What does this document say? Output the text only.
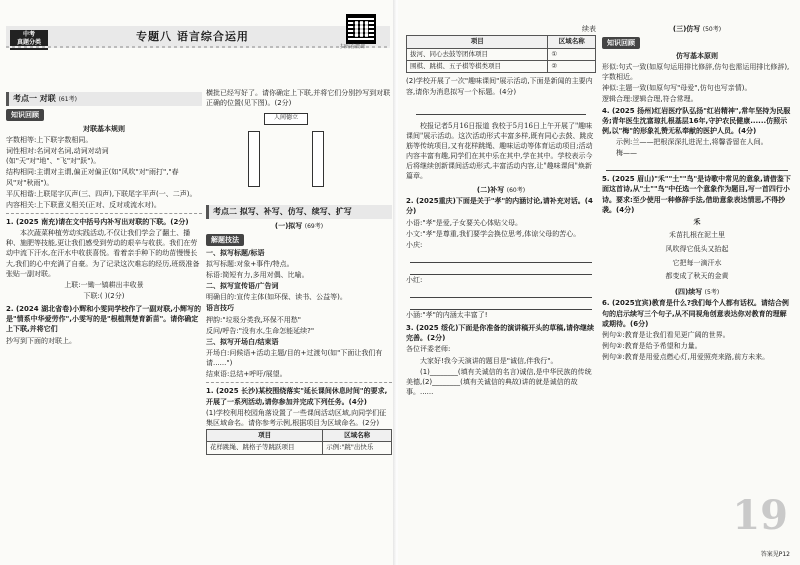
中考
真题分类	专题八 语言综合运用
扫码看微课
考点一 对联 (61考)
知识回顾

对联基本规则

字数相等:上下联字数相同。

词性相对:名词对名词,动词对动词(如"天"对"地"、"飞"对"跃")。

结构相同:主谓对主谓,偏正对偏正(如"风吹"对"雨打","春风"对"秋雨")。

平仄相谐:上联尾字仄声(三、四声),下联尾字平声(一、二声)。

内容相关:上下联意义相关(正对、反对或流水对)。

1. (2025 南充)请在文中括号内补写出对联的下联。(2分)

本次蔬菜种植劳动实践活动,不仅让我们学会了翻土、播种、施肥等技能,更让我们感受到劳动的艰辛与收获。我们在劳动中流下汗水,在汗水中收获喜悦。看着亲手种下的幼苗慢慢长大,我们的心中充满了自豪。为了记录这次难忘的经历,班级准备张贴一副对联。

上联:一锄一镐耕出丰收景

下联:( )(2分)

2. (2024 湖北省卷)小辉和小雯同学校作了一副对联,小辉写的是"情系中华爱劳作",小雯写的是"根植荆楚育新苗"。请你确定上下联,并将它们

抄写到下面的对联上。

横批已经写好了。请你确定上下联,并将它们分别抄写到对联正确的位置(见下图)。(2分)

人间德立
考点二 拟写、补写、仿写、续写、扩写

(一)拟写 (69考)

解题技法

一、拟写标题/标语

拟写标题:对象+事件/特点。

标语:简短有力,多用对偶、比喻。

二、拟写宣传语/广告词

明确目的:宣传主体(如环保、读书、公益等)。

语言技巧

押韵:"垃圾分类我,环保不用愁"

反问/呼告:"没有水,生命怎能延续?"

三、拟写开场白/结束语

开场白:问候语+活动主题/目的+过渡句(如"下面让我们有请......")

结束语:总结+呼吁/展望。

1. (2025 长沙)某校围绕落实"延长课间休息时间"的要求,开展了一系列活动,请你参加并完成下列任务。(4分)

(1)学校利用校园角落设置了一些课间活动区域,向同学们征集区域命名。请你参考示例,根据项目为区域命名。(2分)

项目	区域名称
花样跳绳、跳格子等跳跃项目	示例:"跳"出快乐

续表

项目	区域名称
拔河、同心去鼓等团体项目	①
围棋、跳棋、五子棋等棋类项目	②

(2)学校开展了一次"趣味课间"展示活动,下面是新闻的主要内容,请你为消息拟写一个标题。(4分)

校报记者5月16日报道 我校于5月16日上午开展了"趣味课间"展示活动。这次活动形式丰富多样,既有同心去鼓、跳皮筋等传统项目,又有花样跳绳、趣味运动等体育运动项目;活动内容丰富有趣,同学们在其中乐在其中,学在其中。学校表示今后将继续创新课间活动形式,丰富活动内容,让"趣味课间"焕新篇章。

(二)补写 (60考)

2. (2025重庆)下面是关于"孝"的内涵讨论,请补充对话。(4分)

小语:"孝"是爱,子女要关心体贴父母。

小文:"孝"是尊重,我们要学会换位思考,体谅父母的苦心。

小庆:

小红:

小涵:"孝"的内涵太丰富了!

3. (2025 绥化)下面是你准备的演讲稿开头的草稿,请你继续完善。(2分)

各位评委老师:

大家好!我今天演讲的题目是"诚信,伴我行"。

(1)________(填有关诚信的名言)诚信,是中华民族的传统美德,(2)________(填有关诚信的典故)讲的就是诚信的故事。......

(三)仿写 (50考)

知识回顾

仿写基本原则

形似:句式一致(如原句运用排比修辞,仿句也需运用排比修辞),字数相近。

神似:主题一致(如原句写"母爱",仿句也写亲情)。

逻辑合理:逻辑合理,符合常理。

4. (2025 扬州)红岩医疗队弘扬"红岩精神",常年坚持为民服务;青年医生沈富琼扎根基层16年,守护农民健康......仿照示例,以"梅"的形象礼赞无私奉献的医护人员。(4分)

示例:兰——把根深深扎进泥土,将馨香留在人间。

梅——

5. (2025 眉山)"禾""土""鸟"是诗歌中常见的意象,请借鉴下面这首诗,从"土""鸟"中任选一个意象作为题目,写一首四行小诗。要求:至少使用一种修辞手法,借助意象表达情思,不得抄袭。(4分)

禾

禾苗扎根在泥土里

风吹得它低头又抬起

它把每一滴汗水

都变成了秋天的金黄

(四)续写 (5考)

6. (2025宜宾)教育是什么?我们每个人都有话权。请结合例句的启示续写三个句子,从不同视角创意表达你对教育的理解或期待。(6分)

例句①:教育是让我们看见更广阔的世界。

例句②:教育是给予希望和力量。

例句③:教育是用爱点燃心灯,用爱照亮来路,前方未来。

19
答案见P12
